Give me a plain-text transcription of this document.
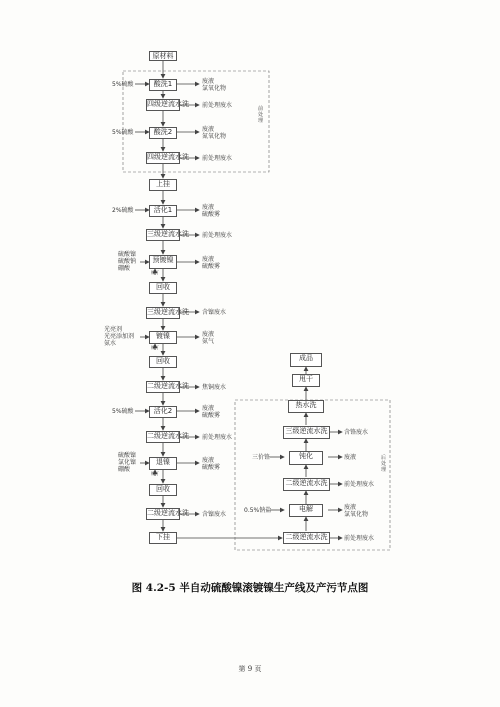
原材料
酸洗1
四级逆流水洗
酸洗2
四级逆流水洗
上挂
活化1
三级逆流水洗
预镀镍
回收
三级逆流水洗
镀镍
回收
二级逆流水洗
活化2
二级逆流水洗
退镍
回收
二级逆流水洗
下挂	二级逆流水洗
电解
二级逆流水洗
钝化
三级逆流水洗
热水洗
甩干
成品
5%硫酸
5%硫酸
2%硫酸
硫酸镍
硫酸钠
硼酸
光亮剂
光亮添加剂
氨水
5%硫酸
硫酸镍
氯化镍
硼酸
三价铬
0.5%钠盐
废液
氯氧化物
前处理废水
废液
氮氧化物
前处理废水
废液
硫酸雾
前处理废水
废液
硫酸雾
含镍废水
废液
氨气
焦铜废水
废液
硫酸雾
前处理废水
废液
硫酸雾
含镍废水
含铬废水
废液
前处理废水
废液
氯氧化物
前处理废水
镍钉
镍钉
镍钉
前
处
理
后
处
理
图 4.2-5 半自动硫酸镍滚镀镍生产线及产污节点图
第 9 页
